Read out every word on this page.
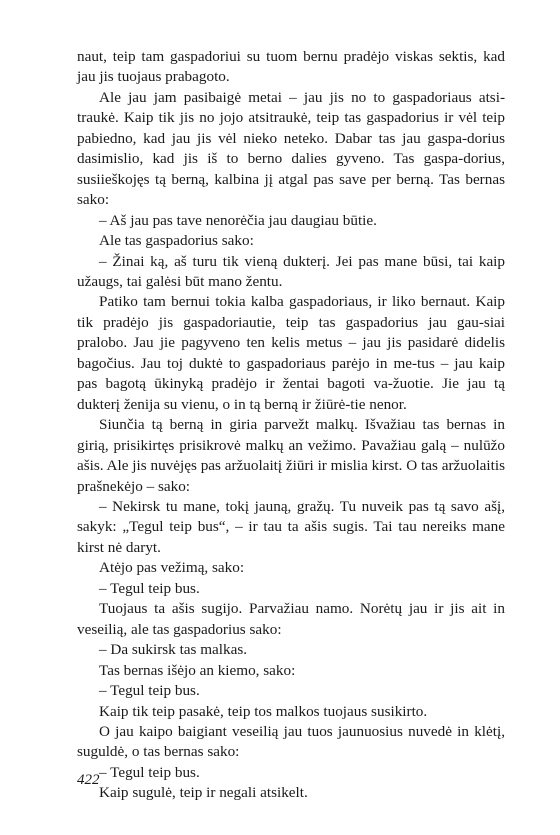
naut, teip tam gaspadoriui su tuom bernu pradėjo viskas sektis, kad jau jis tuojaus prabagoto.

Ale jau jam pasibaigė metai – jau jis no to gaspadoriaus atsi-traukė. Kaip tik jis no jojo atsitraukė, teip tas gaspadorius ir vėl teip pabiedno, kad jau jis vėl nieko neteko. Dabar tas jau gaspa-dorius dasimislio, kad jis iš to berno dalies gyveno. Tas gaspa-dorius, susiieškojęs tą berną, kalbina jį atgal pas save per berną. Tas bernas sako:

– Aš jau pas tave nenorėčia jau daugiau būtie.

Ale tas gaspadorius sako:

– Žinai ką, aš turu tik vieną dukterį. Jei pas mane būsi, tai kaip užaugs, tai galėsi būt mano žentu.

Patiko tam bernui tokia kalba gaspadoriaus, ir liko bernaut. Kaip tik pradėjo jis gaspadoriautie, teip tas gaspadorius jau gau-siai pralobo. Jau jie pagyveno ten kelis metus – jau jis pasidarė didelis bagočius. Jau toj duktė to gaspadoriaus parėjo in me-tus – jau kaip pas bagotą ūkinyką pradėjo ir žentai bagoti va-žuotie. Jie jau tą dukterį ženija su vienu, o in tą berną ir žiūrė-tie nenor.

Siunčia tą berną in giria parvežt malkų. Išvažiau tas bernas in girią, prisikirtęs prisikrovė malkų an vežimo. Pavažiau galą – nulūžo ašis. Ale jis nuvėjęs pas aržuolaitį žiūri ir mislia kirst. O tas aržuolaitis prašnekėjo – sako:

– Nekirsk tu mane, tokį jauną, gražų. Tu nuveik pas tą savo ašį, sakyk: „Tegul teip bus“, – ir tau ta ašis sugis. Tai tau nereiks mane kirst nė daryt.

Atėjo pas vežimą, sako:

– Tegul teip bus.

Tuojaus ta ašis sugijo. Parvažiau namo. Norėtų jau ir jis ait in veseilią, ale tas gaspadorius sako:

– Da sukirsk tas malkas.

Tas bernas išėjo an kiemo, sako:

– Tegul teip bus.

Kaip tik teip pasakė, teip tos malkos tuojaus susikirto.

O jau kaipo baigiant veseilią jau tuos jaunuosius nuvedė in klėtį, suguldė, o tas bernas sako:

– Tegul teip bus.

Kaip sugulė, teip ir negali atsikelt.

422
